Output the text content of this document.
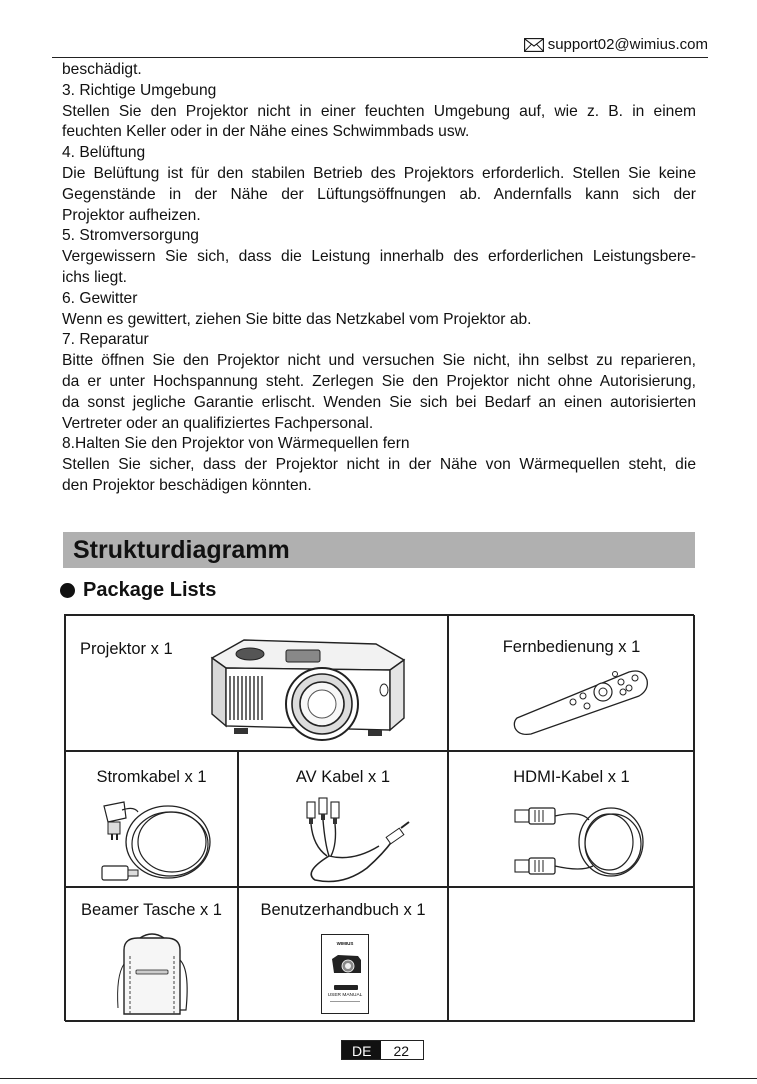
support02@wimius.com

beschädigt.

3. Richtige Umgebung

Stellen Sie den Projektor nicht in einer feuchten Umgebung auf, wie z. B. in einem

feuchten Keller oder in der Nähe eines Schwimmbads usw.

4. Belüftung

Die Belüftung ist für den stabilen Betrieb des Projektors erforderlich. Stellen Sie keine

Gegenstände in der Nähe der Lüftungsöffnungen ab. Andernfalls kann sich der

Projektor aufheizen.

5. Stromversorgung

Vergewissern Sie sich, dass die Leistung innerhalb des erforderlichen Leistungsbere-

ichs liegt.

6. Gewitter

Wenn es gewittert, ziehen Sie bitte das Netzkabel vom Projektor ab.

7. Reparatur

Bitte öffnen Sie den Projektor nicht und versuchen Sie nicht, ihn selbst zu reparieren,

da er unter Hochspannung steht. Zerlegen Sie den Projektor nicht ohne Autorisierung,

da sonst jegliche Garantie erlischt. Wenden Sie sich bei Bedarf an einen autorisierten

Vertreter oder an qualifiziertes Fachpersonal.

8.Halten Sie den Projektor von Wärmequellen fern

Stellen Sie sicher, dass der Projektor nicht in der Nähe von Wärmequellen steht, die

den Projektor beschädigen könnten.

Strukturdiagramm
Package Lists
Projektor x 1	Fernbedienung x 1
Stromkabel x 1	AV Kabel x 1	HDMI-Kabel x 1
Beamer Tasche x 1	Benutzerhandbuch x 1
WIMIUS
USER MANUAL
DE	22
